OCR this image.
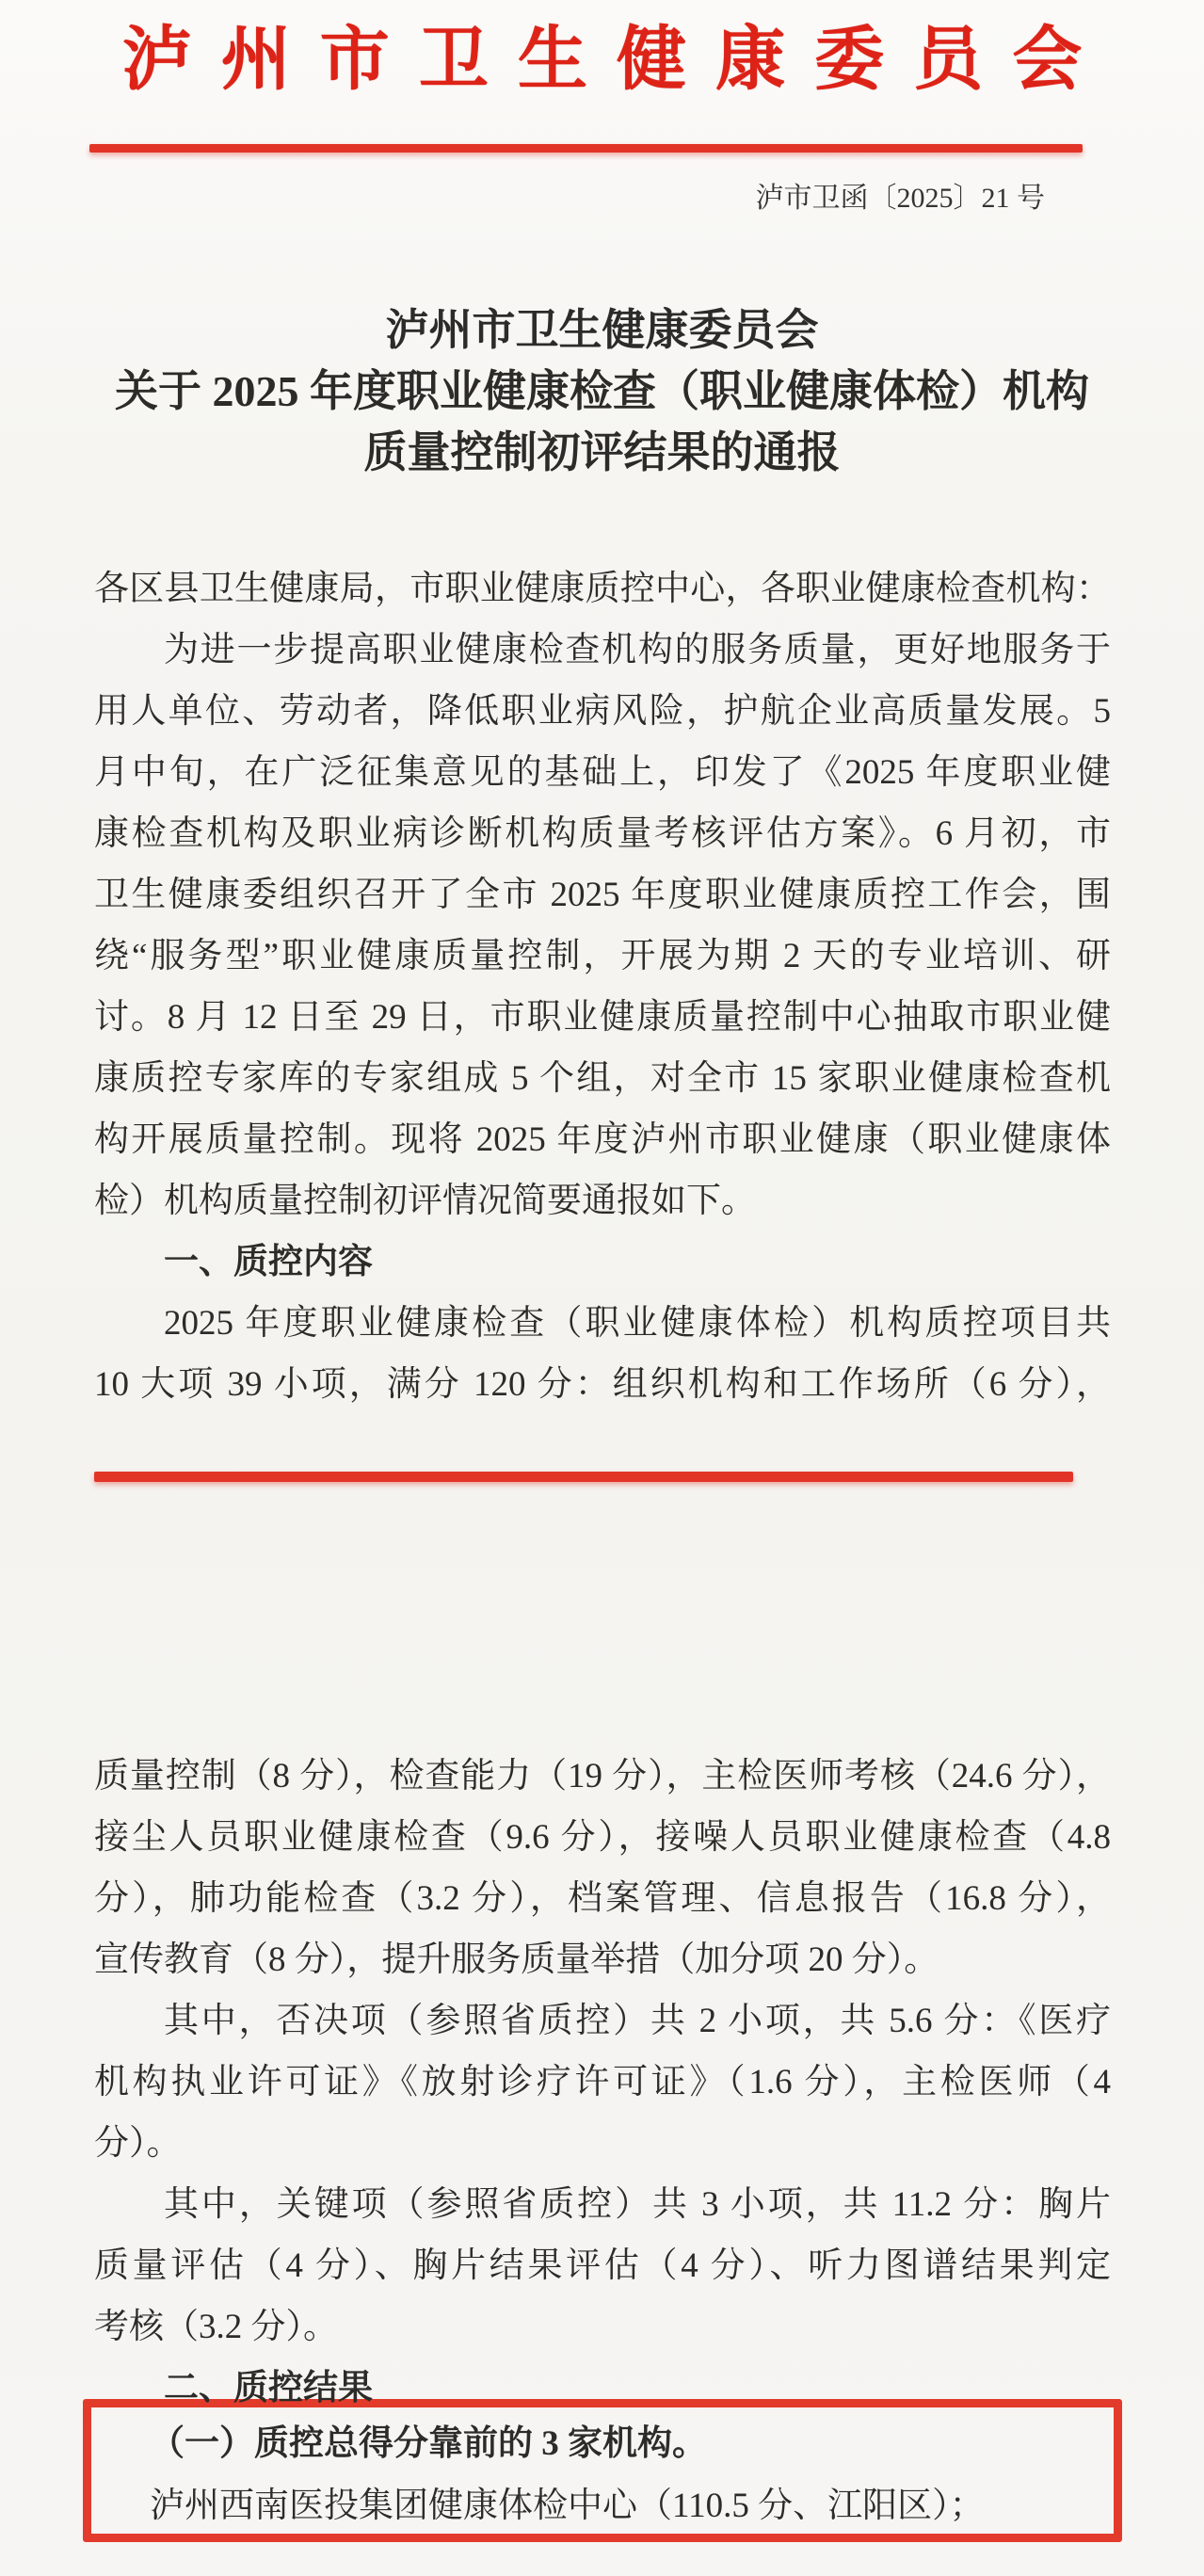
泸州市卫生健康委员会
泸市卫函〔2025〕21 号
泸州市卫生健康委员会
关于 2025 年度职业健康检查（职业健康体检）机构
质量控制初评结果的通报
各区县卫生健康局，市职业健康质控中心，各职业健康检查机构：
为进一步提高职业健康检查机构的服务质量，更好地服务于
用人单位、劳动者，降低职业病风险，护航企业高质量发展。5
月中旬，在广泛征集意见的基础上，印发了《2025 年度职业健
康检查机构及职业病诊断机构质量考核评估方案》。6 月初，市
卫生健康委组织召开了全市 2025 年度职业健康质控工作会，围
绕“服务型”职业健康质量控制，开展为期 2 天的专业培训、研
讨。8 月 12 日至 29 日，市职业健康质量控制中心抽取市职业健
康质控专家库的专家组成 5 个组，对全市 15 家职业健康检查机
构开展质量控制。现将 2025 年度泸州市职业健康（职业健康体
检）机构质量控制初评情况简要通报如下。
一、质控内容
2025 年度职业健康检查（职业健康体检）机构质控项目共
10 大项 39 小项，满分 120 分：组织机构和工作场所（6 分），
质量控制（8 分），检查能力（19 分），主检医师考核（24.6 分），
接尘人员职业健康检查（9.6 分），接噪人员职业健康检查（4.8
分），肺功能检查（3.2 分），档案管理、信息报告（16.8 分），
宣传教育（8 分），提升服务质量举措（加分项 20 分）。
其中，否决项（参照省质控）共 2 小项，共 5.6 分：《医疗
机构执业许可证》《放射诊疗许可证》（1.6 分），主检医师（4
分）。
其中，关键项（参照省质控）共 3 小项，共 11.2 分：胸片
质量评估（4 分）、胸片结果评估（4 分）、听力图谱结果判定
考核（3.2 分）。
二、质控结果
（一）质控总得分靠前的 3 家机构。
泸州西南医投集团健康体检中心（110.5 分、江阳区）；
